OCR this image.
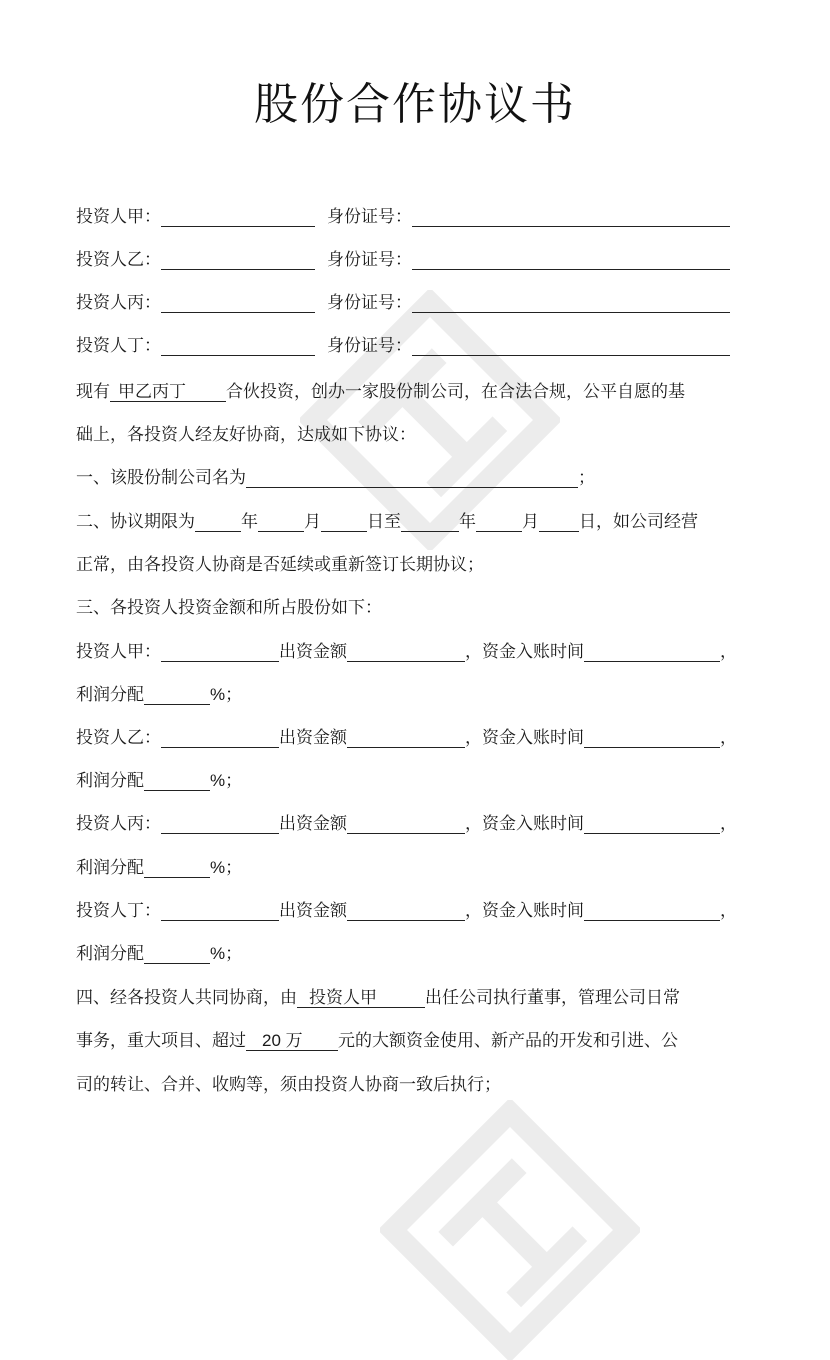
股份合作协议书
投资人甲：	身份证号：
投资人乙：	身份证号：
投资人丙：	身份证号：
投资人丁：	身份证号：
现有 甲乙丙丁	合伙投资，创办一家股份制公司，在合法合规，公平自愿的基
础上，各投资人经友好协商，达成如下协议：
一、该股份制公司名为	；
二、协议期限为	年	月	日至	年	月 日，如公司经营
正常，由各投资人协商是否延续或重新签订长期协议；
三、各投资人投资金额和所占股份如下：
投资人甲：	出资金额	，资金入账时间	，
利润分配	%；
投资人乙：	出资金额	，资金入账时间	，
利润分配	%；
投资人丙：	出资金额	，资金入账时间	，
利润分配	%；
投资人丁：	出资金额	，资金入账时间	，
利润分配	%；
四、经各投资人共同协商，由 投资人甲	出任公司执行董事，管理公司日常
事务，重大项目、超过 20 万	元的大额资金使用、新产品的开发和引进、公
司的转让、合并、收购等，须由投资人协商一致后执行；
